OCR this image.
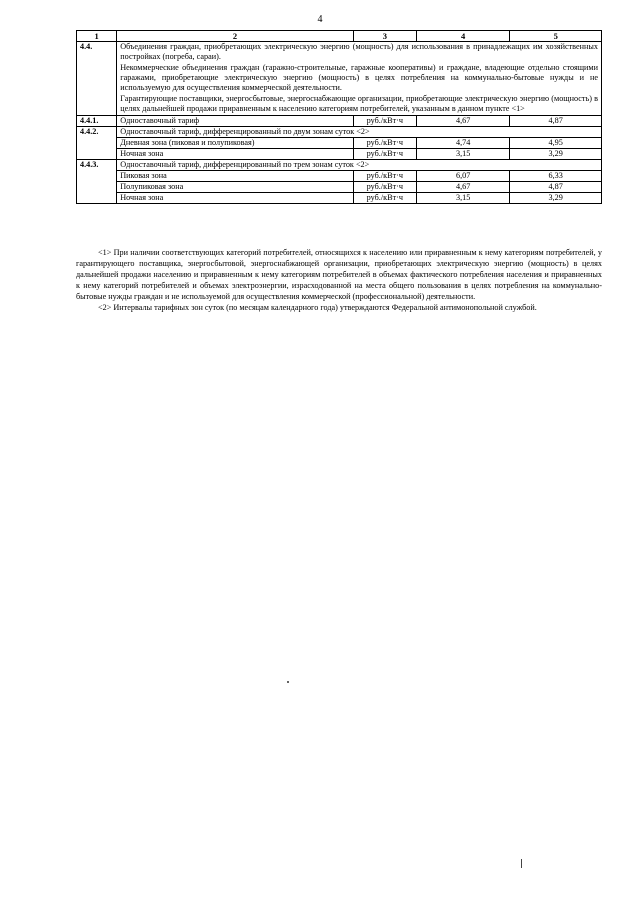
4
1	2	3	4	5
4.4.	Объединения граждан, приобретающих электрическую энергию (мощность) для использования в принадлежащих им хозяйственных постройках (погреба, сараи).

Некоммерческие объединения граждан (гаражно-строительные, гаражные кооперативы) и граждане, владеющие отдельно стоящими гаражами, приобретающие электрическую энергию (мощность) в целях потребления на коммунально-бытовые нужды и не используемую для осуществления коммерческой деятельности.

Гарантирующие поставщики, энергосбытовые, энергоснабжающие организации, приобретающие электрическую энергию (мощность) в целях дальнейшей продажи приравненным к населению категориям потребителей, указанным в данном пункте <1>			

4.4.1.	Одноставочный тариф	руб./кВт·ч	4,67	4,87
4.4.2.	Одноставочный тариф, дифференцированный по двум зонам суток <2>			
	Дневная зона (пиковая и полупиковая)	руб./кВт·ч	4,74	4,95
	Ночная зона	руб./кВт·ч	3,15	3,29
4.4.3.	Одноставочный тариф, дифференцированный по трем зонам суток <2>			
	Пиковая зона	руб./кВт·ч	6,07	6,33
	Полупиковая зона	руб./кВт·ч	4,67	4,87
	Ночная зона	руб./кВт·ч	3,15	3,29

<1> При наличии соответствующих категорий потребителей, относящихся к населению или приравненным к нему категориям потребителей, у гарантирующего поставщика, энергосбытовой, энергоснабжающей организации, приобретающих электрическую энергию (мощность) в целях дальнейшей продажи населению и приравненным к нему категориям потребителей в объемах фактического потребления населения и приравненных к нему категорий потребителей и объемах электроэнергии, израсходованной на места общего пользования в целях потребления на коммунально-бытовые нужды граждан и не используемой для осуществления коммерческой (профессиональной) деятельности.

<2> Интервалы тарифных зон суток (по месяцам календарного года) утверждаются Федеральной антимонопольной службой.
